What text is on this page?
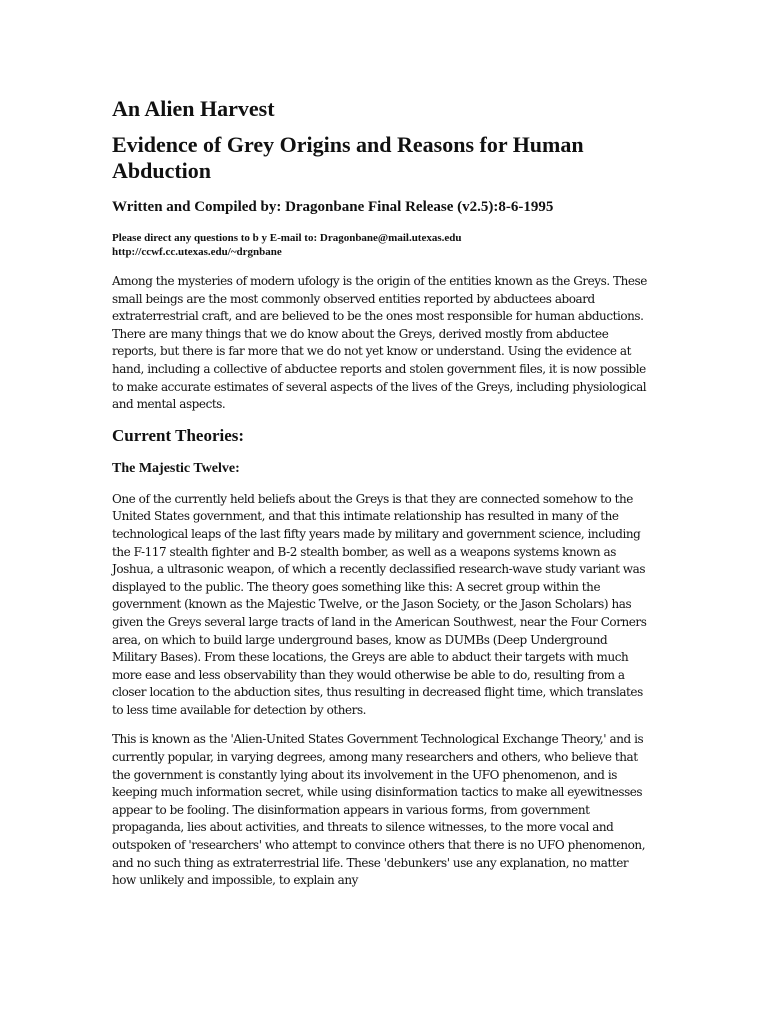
An Alien Harvest
Evidence of Grey Origins and Reasons for Human Abduction
Written and Compiled by: Dragonbane Final Release (v2.5):8-6-1995
Please direct any questions to b y E-mail to: Dragonbane@mail.utexas.edu
http://ccwf.cc.utexas.edu/~drgnbane

Among the mysteries of modern ufology is the origin of the entities known as the Greys. These small beings are the most commonly observed entities reported by abductees aboard extraterrestrial craft, and are believed to be the ones most responsible for human abductions. There are many things that we do know about the Greys, derived mostly from abductee reports, but there is far more that we do not yet know or understand. Using the evidence at hand, including a collective of abductee reports and stolen government files, it is now possible to make accurate estimates of several aspects of the lives of the Greys, including physiological and mental aspects.

Current Theories:
The Majestic Twelve:

One of the currently held beliefs about the Greys is that they are connected somehow to the United States government, and that this intimate relationship has resulted in many of the technological leaps of the last fifty years made by military and government science, including the F-117 stealth fighter and B-2 stealth bomber, as well as a weapons systems known as Joshua, a ultrasonic weapon, of which a recently declassified research-wave study variant was displayed to the public. The theory goes something like this: A secret group within the government (known as the Majestic Twelve, or the Jason Society, or the Jason Scholars) has given the Greys several large tracts of land in the American Southwest, near the Four Corners area, on which to build large underground bases, know as DUMBs (Deep Underground Military Bases). From these locations, the Greys are able to abduct their targets with much more ease and less observability than they would otherwise be able to do, resulting from a closer location to the abduction sites, thus resulting in decreased flight time, which translates to less time available for detection by others.

This is known as the 'Alien-United States Government Technological Exchange Theory,' and is currently popular, in varying degrees, among many researchers and others, who believe that the government is constantly lying about its involvement in the UFO phenomenon, and is keeping much information secret, while using disinformation tactics to make all eyewitnesses appear to be fooling. The disinformation appears in various forms, from government propaganda, lies about activities, and threats to silence witnesses, to the more vocal and outspoken of 'researchers' who attempt to convince others that there is no UFO phenomenon, and no such thing as extraterrestrial life. These 'debunkers' use any explanation, no matter how unlikely and impossible, to explain any
